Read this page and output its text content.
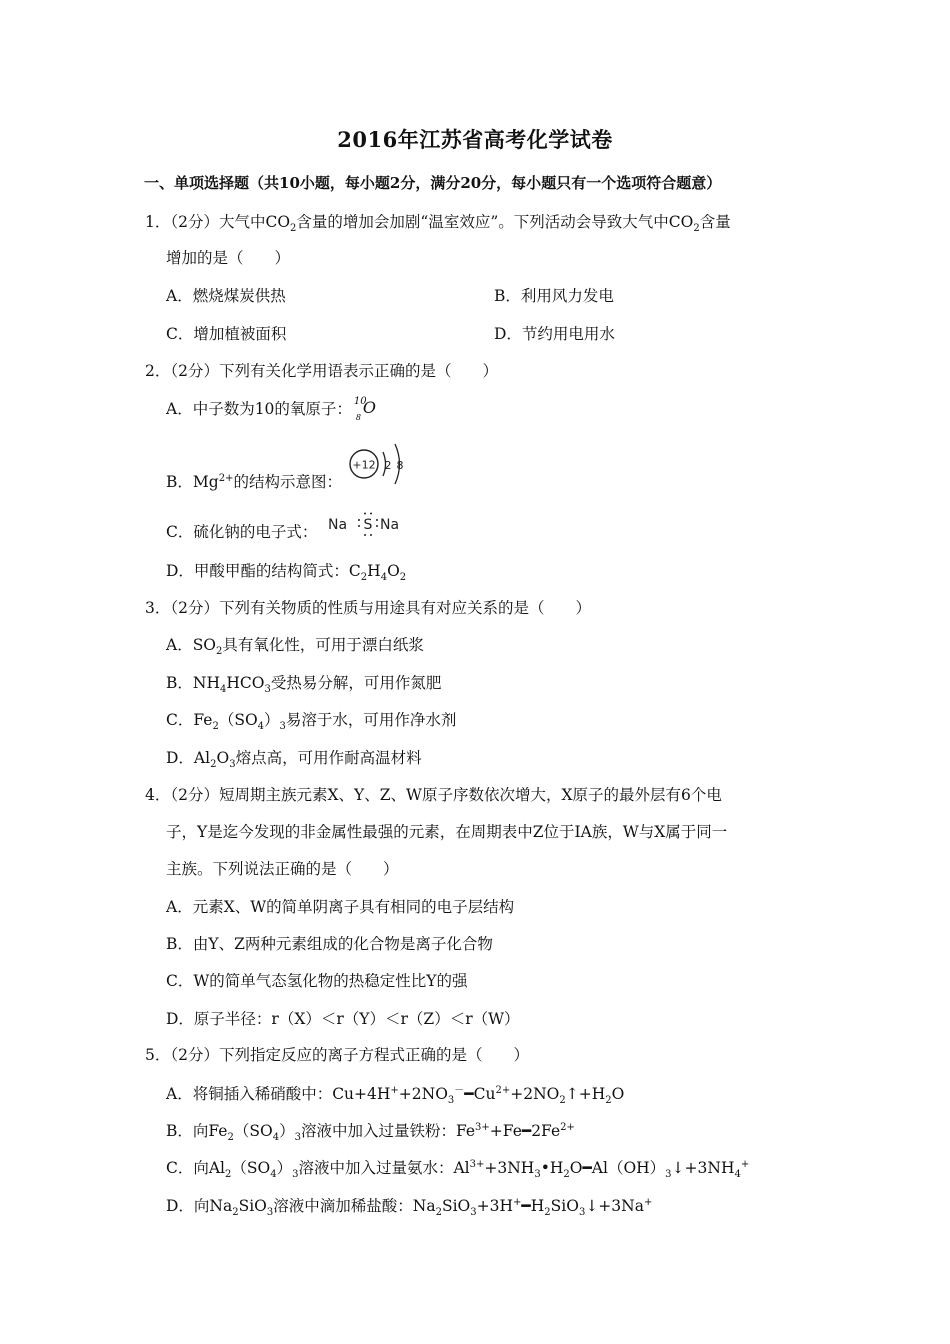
2016年江苏省高考化学试卷
一、单项选择题（共10小题，每小题2分，满分20分，每小题只有一个选项符合题意）
1．（2分）大气中$CO_2$含量的增加会加剧“温室效应”。下列活动会导致大气中$CO_2$含量
增加的是（　　）
A．燃烧煤炭供热	B．利用风力发电
C．增加植被面积	D．节约用电用水
2．（2分）下列有关化学用语表示正确的是（　　）
A．中子数为10的氧原子： 10
8
O
B．$Mg^{2+}$的结构示意图：
+12 2 8
C．硫化钠的电子式： Na S Na
D．甲酸甲酯的结构简式：$C_2H_4O_2$
3．（2分）下列有关物质的性质与用途具有对应关系的是（　　）
A．$SO_2$具有氧化性，可用于漂白纸浆
B．$NH_4HCO_3$受热易分解，可用作氮肥
C．$Fe_2(SO_4)_3$易溶于水，可用作净水剂
D．$Al_2O_3$熔点高，可用作耐高温材料
4．（2分）短周期主族元素X、Y、Z、W原子序数依次增大，X原子的最外层有6个电
子，Y是迄今发现的非金属性最强的元素，在周期表中Z位于IA族，W与X属于同一
主族。下列说法正确的是（　　）
A．元素X、W的简单阴离子具有相同的电子层结构
B．由Y、Z两种元素组成的化合物是离子化合物
C．W的简单气态氢化物的热稳定性比Y的强
D．原子半径：r（X）＜r（Y）＜r（Z）＜r（W）
5．（2分）下列指定反应的离子方程式正确的是（　　）
A．将铜插入稀硝酸中：$Cu+4H^++2NO_3^-━Cu^{2+}+2NO_2↑+H_2O$
B．向$Fe_2(SO_4)_3$溶液中加入过量铁粉：$Fe^{3+}+Fe━2Fe^{2+}$
C．向$Al_2(SO_4)_3$溶液中加入过量氨水：$Al^{3+}+3NH_3•H_2O━Al(OH)_3↓+3NH_4^+$
D．向$Na_2SiO_3$溶液中滴加稀盐酸：$Na_2SiO_3+3H^+━H_2SiO_3↓+3Na^+$
